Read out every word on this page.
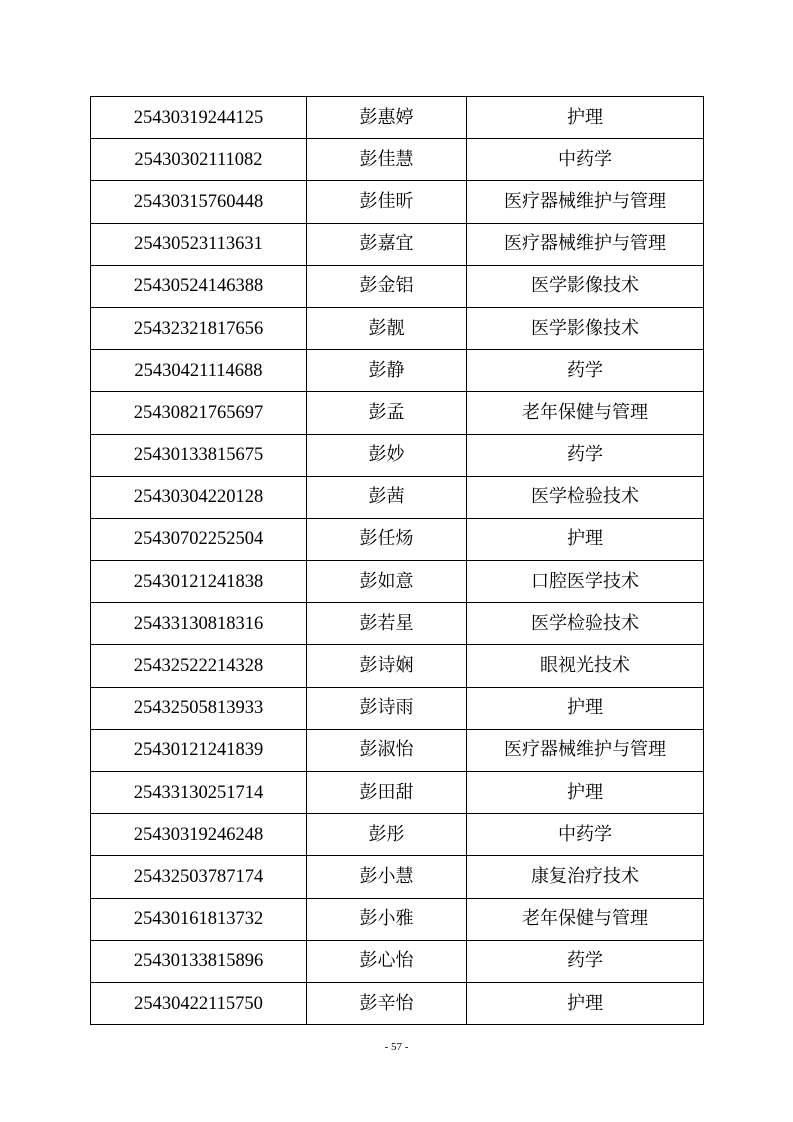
25430319244125	彭惠婷	护理
25430302111082	彭佳慧	中药学
25430315760448	彭佳昕	医疗器械维护与管理
25430523113631	彭嘉宜	医疗器械维护与管理
25430524146388	彭金铝	医学影像技术
25432321817656	彭靓	医学影像技术
25430421114688	彭静	药学
25430821765697	彭孟	老年保健与管理
25430133815675	彭妙	药学
25430304220128	彭茜	医学检验技术
25430702252504	彭任炀	护理
25430121241838	彭如意	口腔医学技术
25433130818316	彭若星	医学检验技术
25432522214328	彭诗娴	眼视光技术
25432505813933	彭诗雨	护理
25430121241839	彭淑怡	医疗器械维护与管理
25433130251714	彭田甜	护理
25430319246248	彭彤	中药学
25432503787174	彭小慧	康复治疗技术
25430161813732	彭小雅	老年保健与管理
25430133815896	彭心怡	药学
25430422115750	彭辛怡	护理
- 57 -
